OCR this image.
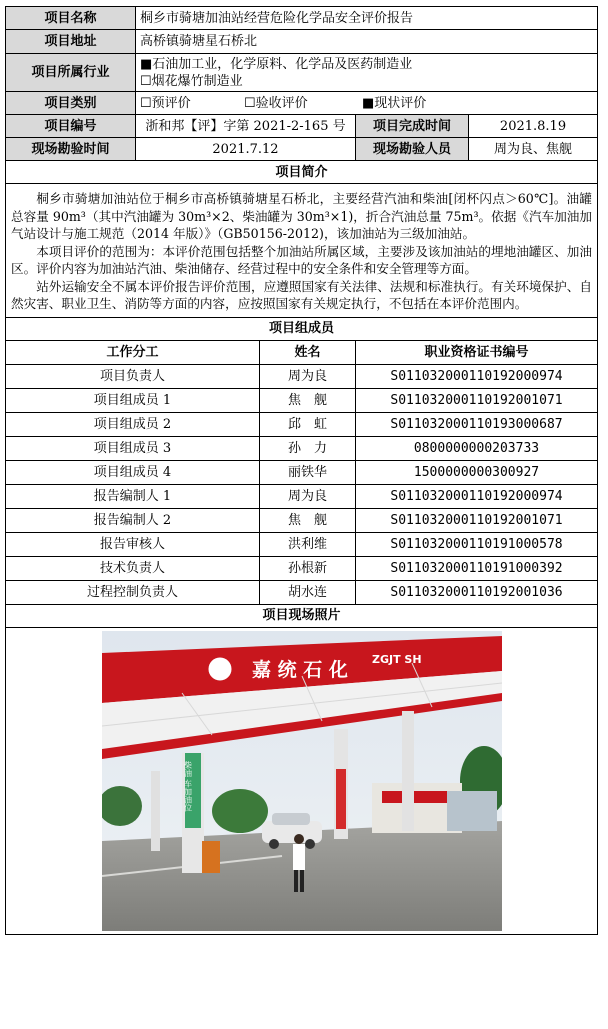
项目名称	桐乡市骑塘加油站经营危险化学品安全评价报告			
项目地址	高桥镇骑塘星石桥北			
项目所属行业	■石油加工业，化学原料、化学品及医药制造业
☐烟花爆竹制造业			

项目类别	☐预评价 ☐验收评价 ■现状评价			
项目编号	浙和邦【评】字第 2021-2-165 号		项目完成时间	2021.8.19
现场勘验时间	2021.7.12		现场勘验人员	周为良、焦舰
项目简介				

桐乡市骑塘加油站位于桐乡市高桥镇骑塘星石桥北，主要经营汽油和柴油[闭杯闪点＞60℃]。油罐总容量 90m³（其中汽油罐为 30m³×2、柴油罐为 30m³×1)，折合汽油总量 75m³。依据《汽车加油加气站设计与施工规范（2014 年版）》（GB50156-2012)，该加油站为三级加油站。

本项目评价的范围为：本评价范围包括整个加油站所属区域，主要涉及该加油站的埋地油罐区、加油区。评价内容为加油站汽油、柴油储存、经营过程中的安全条件和安全管理等方面。

站外运输安全不属本评价报告评价范围，应遵照国家有关法律、法规和标准执行。有关环境保护、自然灾害、职业卫生、消防等方面的内容，应按照国家有关规定执行，不包括在本评价范围内。				

项目组成员				
工作分工		姓名	职业资格证书编号	
项目负责人		周为良	S011032000110192000974	
项目组成员 1		焦　舰	S011032000110192001071	
项目组成员 2		邱　虹	S011032000110193000687	
项目组成员 3		孙　力	0800000000203733	
项目组成员 4		丽铁华	1500000000300927	
报告编制人 1		周为良	S011032000110192000974	
报告编制人 2		焦　舰	S011032000110192001071	
报告审核人		洪利维	S011032000110191000578	
技术负责人		孙根新	S011032000110191000392	
过程控制负责人		胡水连	S011032000110192001036	
项目现场照片				

嘉 统 石 化 ZGJT SH
柴油 车加油位				
